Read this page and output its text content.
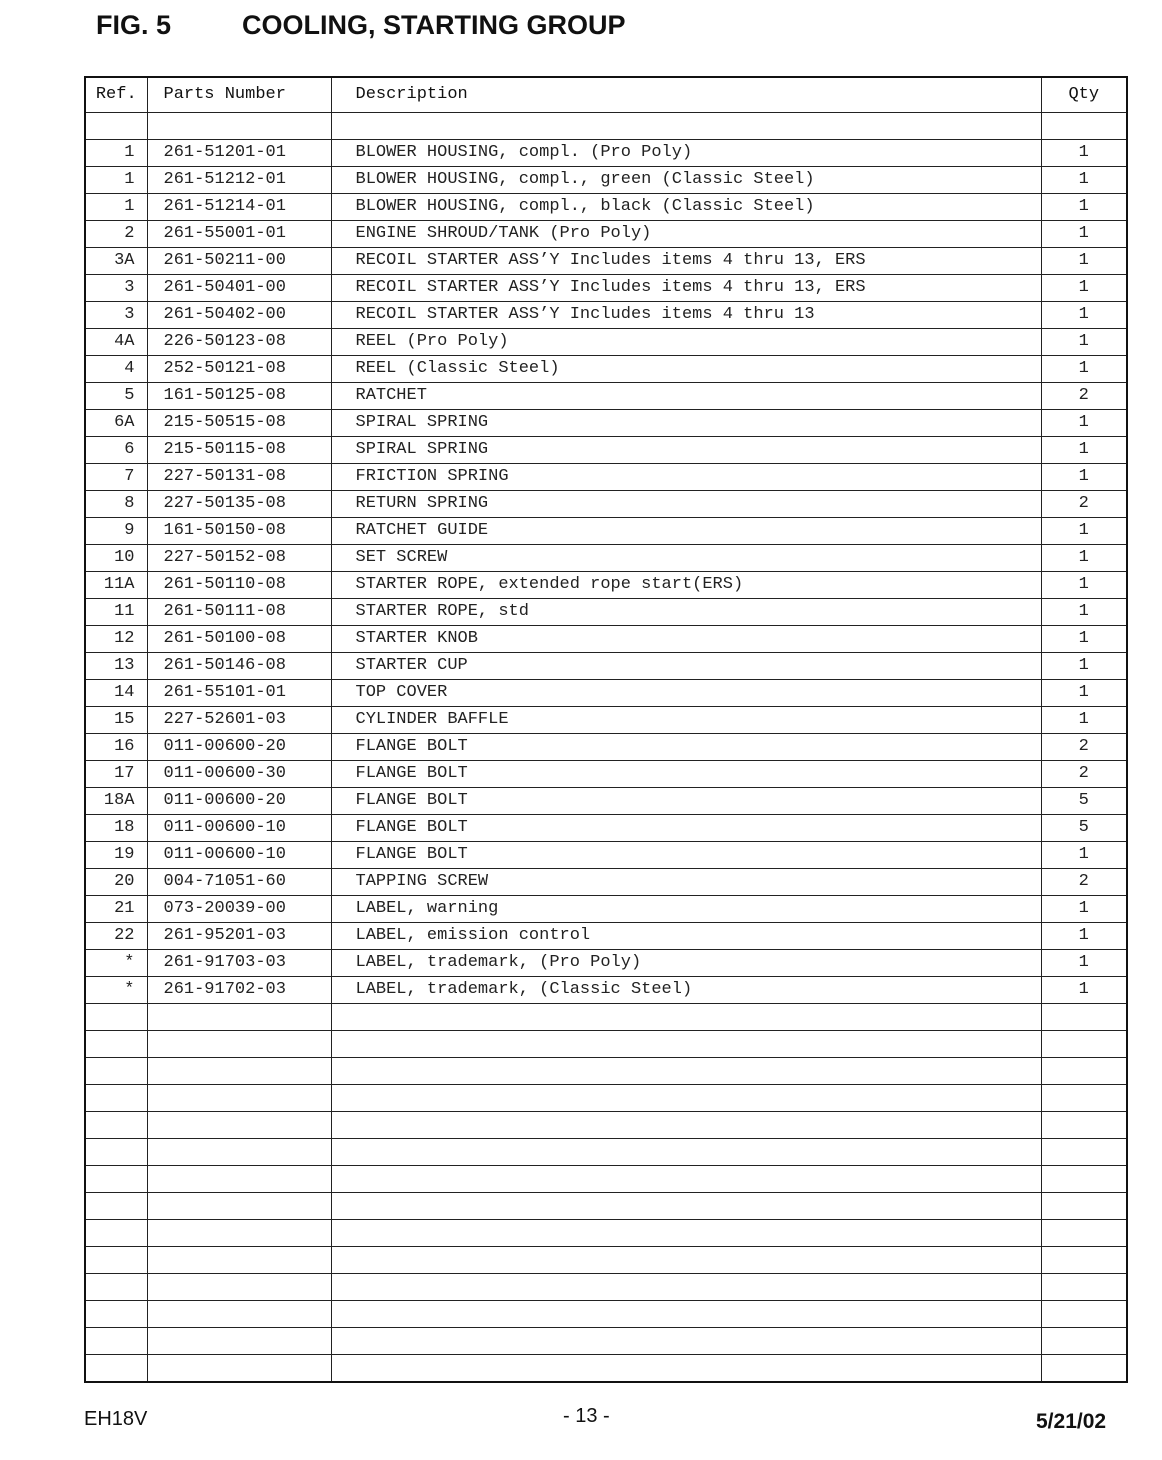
FIG. 5	COOLING, STARTING GROUP
Ref.	Parts Number	Description	Qty

1	261-51201-01	BLOWER HOUSING, compl. (Pro Poly)	1
1	261-51212-01	BLOWER HOUSING, compl., green (Classic Steel)	1
1	261-51214-01	BLOWER HOUSING, compl., black (Classic Steel)	1
2	261-55001-01	ENGINE SHROUD/TANK (Pro Poly)	1
3A	261-50211-00	RECOIL STARTER ASS’Y Includes items 4 thru 13, ERS	1
3	261-50401-00	RECOIL STARTER ASS’Y Includes items 4 thru 13, ERS	1
3	261-50402-00	RECOIL STARTER ASS’Y Includes items 4 thru 13	1
4A	226-50123-08	REEL (Pro Poly)	1
4	252-50121-08	REEL (Classic Steel)	1
5	161-50125-08	RATCHET	2
6A	215-50515-08	SPIRAL SPRING	1
6	215-50115-08	SPIRAL SPRING	1
7	227-50131-08	FRICTION SPRING	1
8	227-50135-08	RETURN SPRING	2
9	161-50150-08	RATCHET GUIDE	1
10	227-50152-08	SET SCREW	1
11A	261-50110-08	STARTER ROPE, extended rope start(ERS)	1
11	261-50111-08	STARTER ROPE, std	1
12	261-50100-08	STARTER KNOB	1
13	261-50146-08	STARTER CUP	1
14	261-55101-01	TOP COVER	1
15	227-52601-03	CYLINDER BAFFLE	1
16	011-00600-20	FLANGE BOLT	2
17	011-00600-30	FLANGE BOLT	2
18A	011-00600-20	FLANGE BOLT	5
18	011-00600-10	FLANGE BOLT	5
19	011-00600-10	FLANGE BOLT	1
20	004-71051-60	TAPPING SCREW	2
21	073-20039-00	LABEL, warning	1
22	261-95201-03	LABEL, emission control	1
*	261-91703-03	LABEL, trademark, (Pro Poly)	1
*	261-91702-03	LABEL, trademark, (Classic Steel)	1

EH18V	- 13 -	5/21/02
